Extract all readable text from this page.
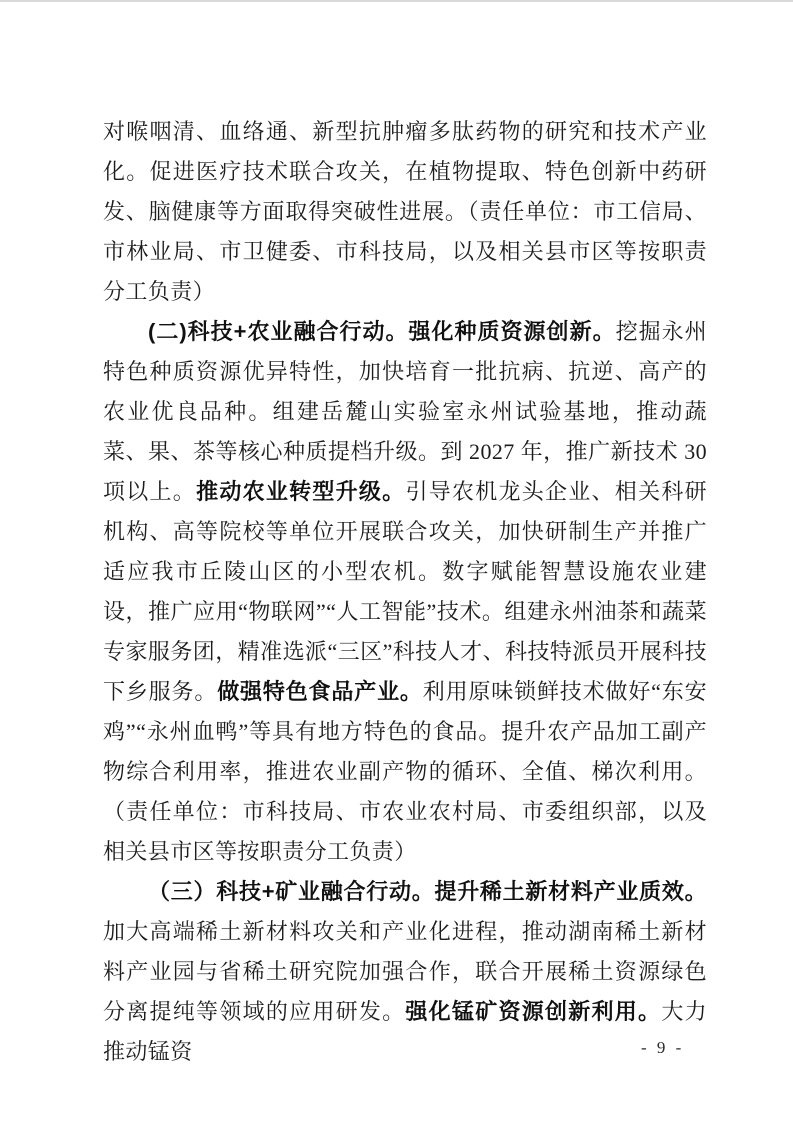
对喉咽清、血络通、新型抗肿瘤多肽药物的研究和技术产业化。促进医疗技术联合攻关，在植物提取、特色创新中药研发、脑健康等方面取得突破性进展。（责任单位：市工信局、市林业局、市卫健委、市科技局，以及相关县市区等按职责分工负责）

(二)科技+农业融合行动。强化种质资源创新。挖掘永州特色种质资源优异特性，加快培育一批抗病、抗逆、高产的农业优良品种。组建岳麓山实验室永州试验基地，推动蔬菜、果、茶等核心种质提档升级。到 2027 年，推广新技术 30 项以上。推动农业转型升级。引导农机龙头企业、相关科研机构、高等院校等单位开展联合攻关，加快研制生产并推广适应我市丘陵山区的小型农机。数字赋能智慧设施农业建设，推广应用“物联网”“人工智能”技术。组建永州油茶和蔬菜专家服务团，精准选派“三区”科技人才、科技特派员开展科技下乡服务。做强特色食品产业。利用原味锁鲜技术做好“东安鸡”“永州血鸭”等具有地方特色的食品。提升农产品加工副产物综合利用率，推进农业副产物的循环、全值、梯次利用。（责任单位：市科技局、市农业农村局、市委组织部，以及相关县市区等按职责分工负责）

（三）科技+矿业融合行动。提升稀土新材料产业质效。加大高端稀土新材料攻关和产业化进程，推动湖南稀土新材料产业园与省稀土研究院加强合作，联合开展稀土资源绿色分离提纯等领域的应用研发。强化锰矿资源创新利用。大力推动锰资	- 9 -
